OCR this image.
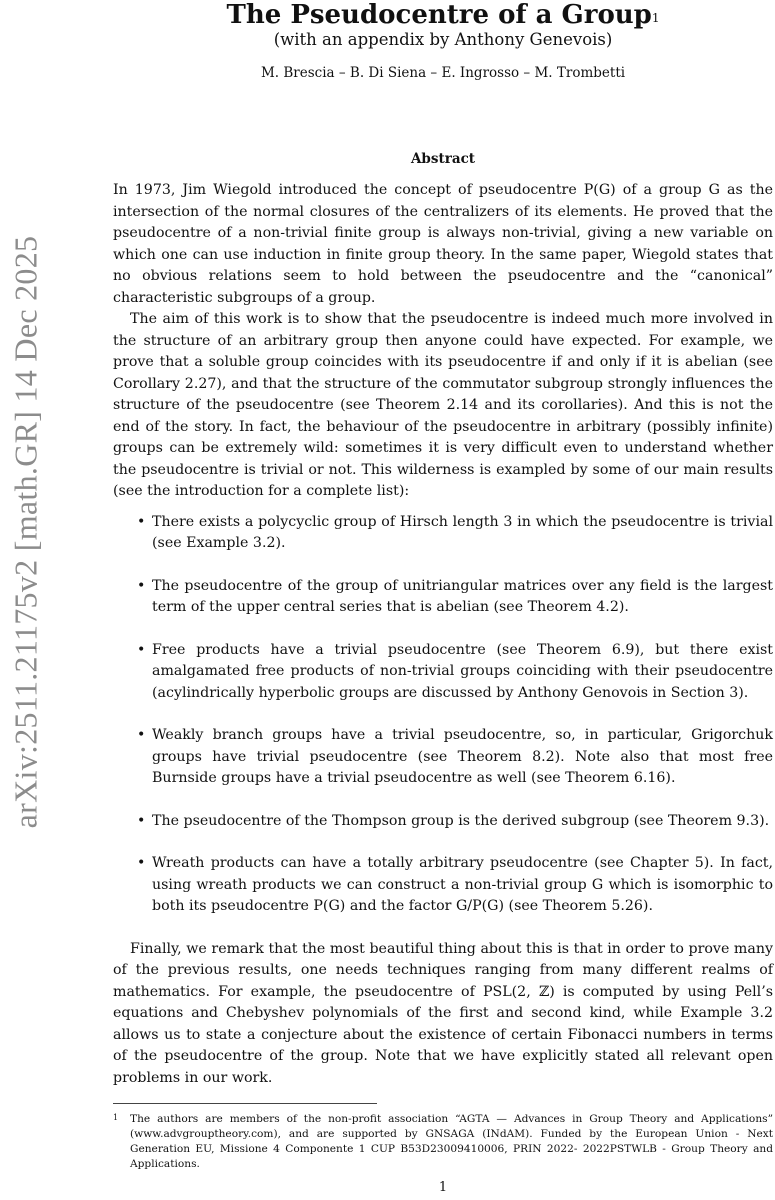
arXiv:2511.21175v2 [math.GR] 14 Dec 2025
The Pseudocentre of a Group$^1$
(with an appendix by Anthony Genevois)
M. Brescia – B. Di Siena – E. Ingrosso – M. Trombetti
Abstract

In 1973, Jim Wiegold introduced the concept of pseudocentre P(G) of a group G as the intersection of the normal closures of the centralizers of its elements. He proved that the pseudocentre of a non-trivial finite group is always non-trivial, giving a new variable on which one can use induction in finite group theory. In the same paper, Wiegold states that no obvious relations seem to hold between the pseudocentre and the “canonical” characteristic subgroups of a group.

The aim of this work is to show that the pseudocentre is indeed much more involved in the structure of an arbitrary group then anyone could have expected. For example, we prove that a soluble group coincides with its pseudocentre if and only if it is abelian (see Corollary 2.27), and that the structure of the commutator subgroup strongly influences the structure of the pseudocentre (see Theorem 2.14 and its corollaries). And this is not the end of the story. In fact, the behaviour of the pseudocentre in arbitrary (possibly infinite) groups can be extremely wild: sometimes it is very difficult even to understand whether the pseudocentre is trivial or not. This wilderness is exampled by some of our main results (see the introduction for a complete list):

• There exists a polycyclic group of Hirsch length 3 in which the pseudocentre is trivial (see Example 3.2).
• The pseudocentre of the group of unitriangular matrices over any field is the largest term of the upper central series that is abelian (see Theorem 4.2).
• Free products have a trivial pseudocentre (see Theorem 6.9), but there exist amalgamated free products of non-trivial groups coinciding with their pseudocentre (acylindrically hyperbolic groups are discussed by Anthony Genovois in Section 3).
• Weakly branch groups have a trivial pseudocentre, so, in particular, Grigorchuk groups have trivial pseudocentre (see Theorem 8.2). Note also that most free Burnside groups have a trivial pseudocentre as well (see Theorem 6.16).
• The pseudocentre of the Thompson group is the derived subgroup (see Theorem 9.3).
• Wreath products can have a totally arbitrary pseudocentre (see Chapter 5). In fact, using wreath products we can construct a non-trivial group G which is isomorphic to both its pseudocentre P(G) and the factor G/P(G) (see Theorem 5.26).

Finally, we remark that the most beautiful thing about this is that in order to prove many of the previous results, one needs techniques ranging from many different realms of mathematics. For example, the pseudocentre of PSL(2, ℤ) is computed by using Pell’s equations and Chebyshev polynomials of the first and second kind, while Example 3.2 allows us to state a conjecture about the existence of certain Fibonacci numbers in terms of the pseudocentre of the group. Note that we have explicitly stated all relevant open problems in our work.

1 The authors are members of the non-profit association “AGTA — Advances in Group Theory and Applications” (www.advgrouptheory.com), and are supported by GNSAGA (INdAM). Funded by the European Union - Next Generation EU, Missione 4 Componente 1 CUP B53D23009410006, PRIN 2022- 2022PSTWLB - Group Theory and Applications.
1
